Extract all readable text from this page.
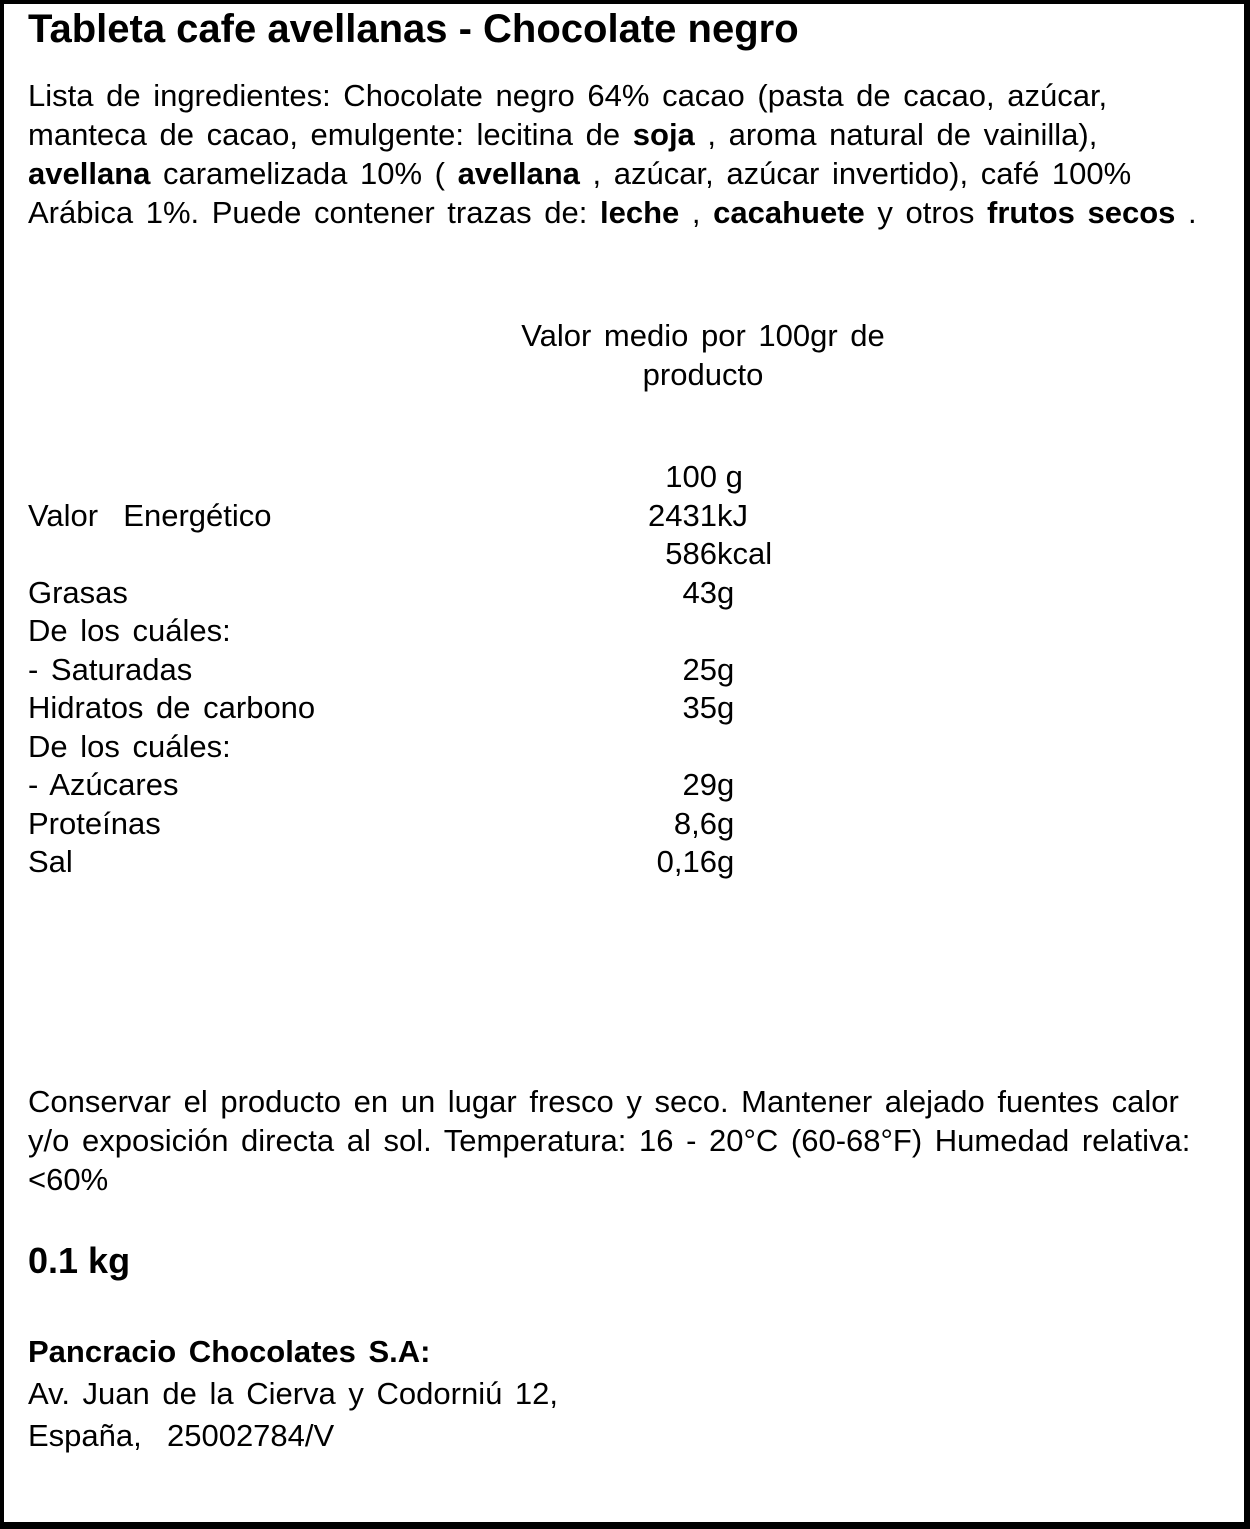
Tableta cafe avellanas - Chocolate negro
Lista de ingredientes: Chocolate negro 64% cacao (pasta de cacao, azúcar,
manteca de cacao, emulgente: lecitina de soja , aroma natural de vainilla),
avellana caramelizada 10% ( avellana , azúcar, azúcar invertido), café 100%
Arábica 1%. Puede contener trazas de: leche , cacahuete y otros frutos secos .
Valor medio por 100gr de
producto
	100	g
Valor  Energético	2431	kJ
	586	kcal
Grasas	43	g
De los cuáles:		
- Saturadas	25	g
Hidratos de carbono	35	g
De los cuáles:		
- Azúcares	29	g
Proteínas	8,6	g
Sal	0,16	g
Conservar el producto en un lugar fresco y seco. Mantener alejado fuentes calor
y/o exposición directa al sol. Temperatura: 16 - 20°C (60-68°F) Humedad relativa:
<60%
0.1 kg
Pancracio Chocolates S.A:
Av. Juan de la Cierva y Codorniú 12,
España,  25002784/V
